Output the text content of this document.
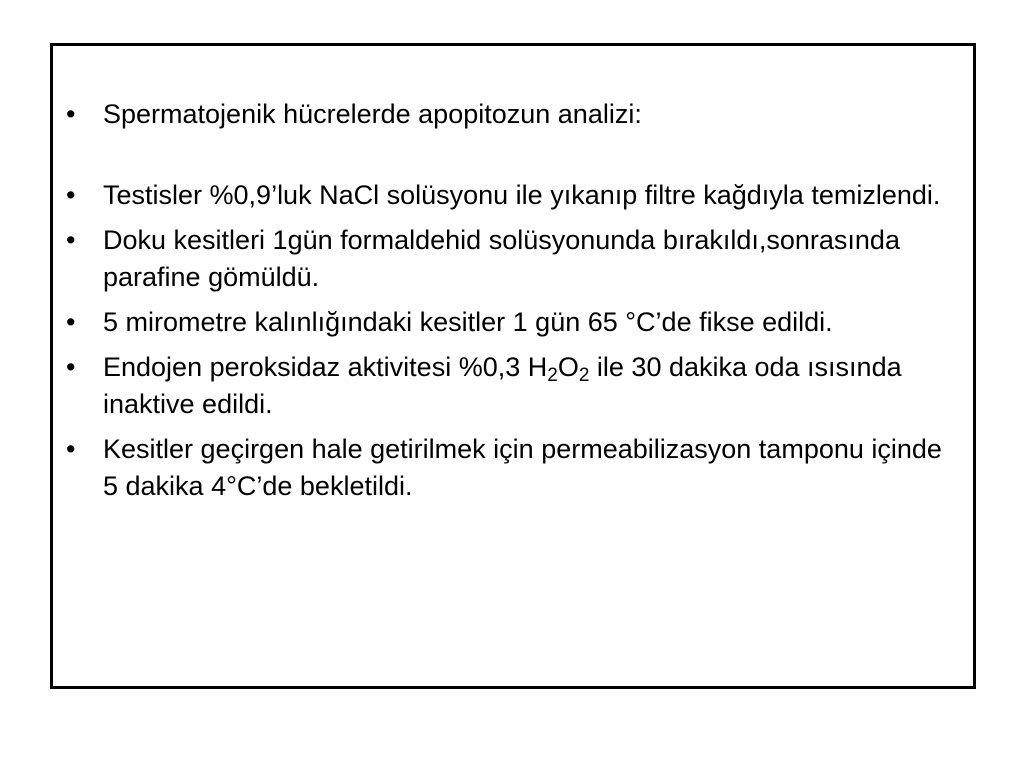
• Spermatojenik hücrelerde apopitozun analizi:
• Testisler %0,9’luk NaCl solüsyonu ile yıkanıp filtre kağdıyla temizlendi.
• Doku kesitleri 1gün formaldehid solüsyonunda bırakıldı,sonrasında parafine gömüldü.
• 5 mirometre kalınlığındaki kesitler 1 gün 65 °C’de fikse edildi.
• Endojen peroksidaz aktivitesi %0,3 $H_2O_2$ ile 30 dakika oda ısısında inaktive edildi.
• Kesitler geçirgen hale getirilmek için permeabilizasyon tamponu içinde 5 dakika 4°C’de bekletildi.
